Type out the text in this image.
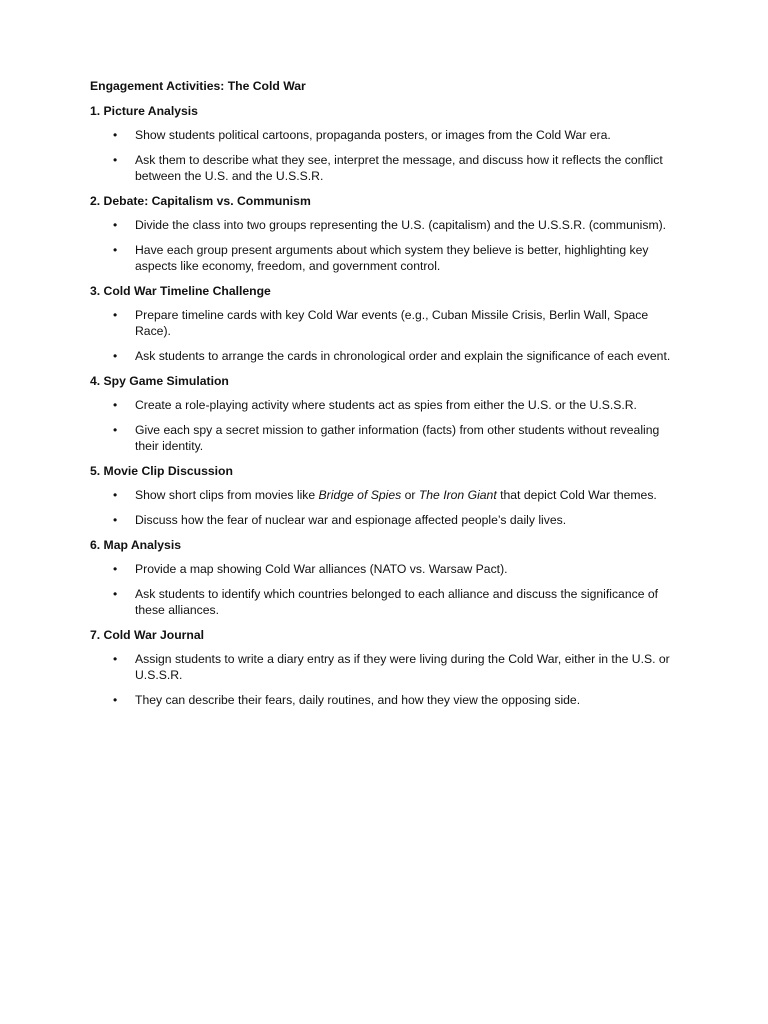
Engagement Activities: The Cold War
1. Picture Analysis
• Show students political cartoons, propaganda posters, or images from the Cold War era.
• Ask them to describe what they see, interpret the message, and discuss how it reflects the conflict between the U.S. and the U.S.S.R.
2. Debate: Capitalism vs. Communism
• Divide the class into two groups representing the U.S. (capitalism) and the U.S.S.R. (communism).
• Have each group present arguments about which system they believe is better, highlighting key aspects like economy, freedom, and government control.
3. Cold War Timeline Challenge
• Prepare timeline cards with key Cold War events (e.g., Cuban Missile Crisis, Berlin Wall, Space Race).
• Ask students to arrange the cards in chronological order and explain the significance of each event.
4. Spy Game Simulation
• Create a role-playing activity where students act as spies from either the U.S. or the U.S.S.R.
• Give each spy a secret mission to gather information (facts) from other students without revealing their identity.
5. Movie Clip Discussion
• Show short clips from movies like Bridge of Spies or The Iron Giant that depict Cold War themes.
• Discuss how the fear of nuclear war and espionage affected people’s daily lives.
6. Map Analysis
• Provide a map showing Cold War alliances (NATO vs. Warsaw Pact).
• Ask students to identify which countries belonged to each alliance and discuss the significance of these alliances.
7. Cold War Journal
• Assign students to write a diary entry as if they were living during the Cold War, either in the U.S. or U.S.S.R.
• They can describe their fears, daily routines, and how they view the opposing side.
